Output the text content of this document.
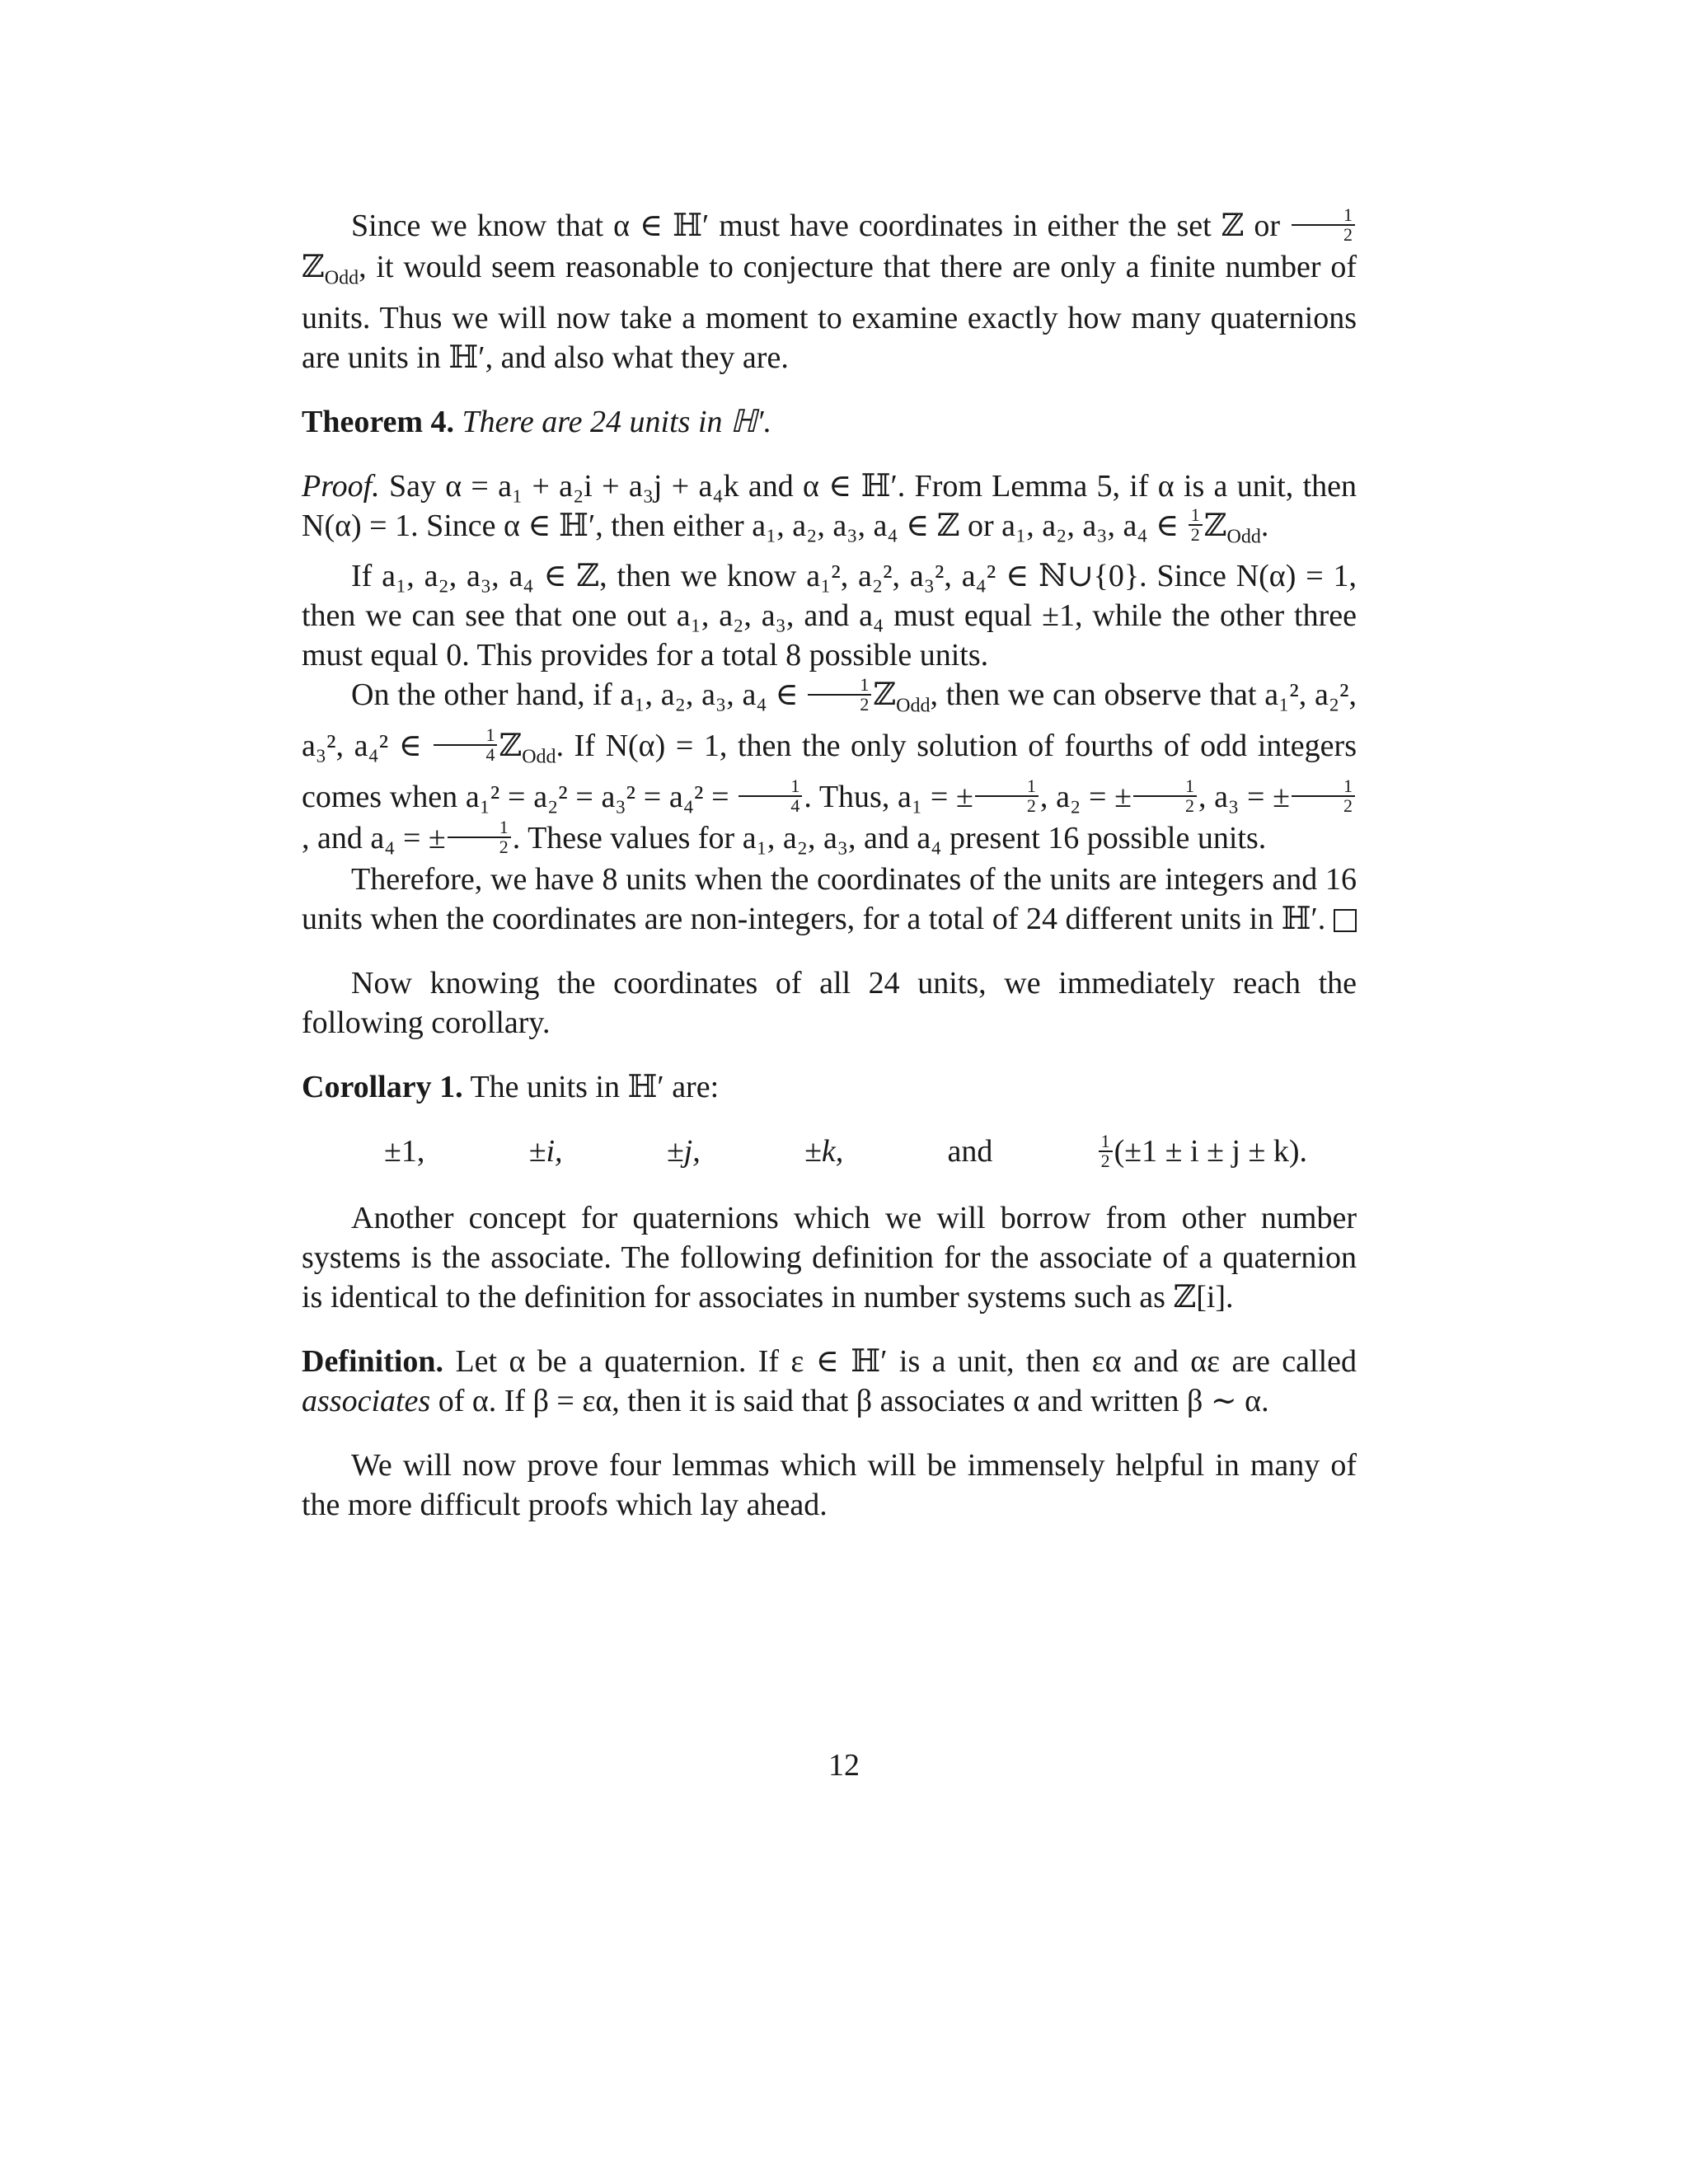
Since we know that α ∈ ℍ′ must have coordinates in either the set ℤ or $\frac{1}{2}$
ℤ$_{Odd}$, it would seem reasonable to conjecture that there are only a finite number of units. Thus we will now take a moment to examine exactly how many quaternions are units in ℍ′, and also what they are.

Theorem 4. There are 24 units in ℍ′.

Proof. Say α = a₁ + a₂i + a₃j + a₄k and α ∈ ℍ′. From Lemma 5, if α is a unit, then N(α) = 1. Since α ∈ ℍ′, then either a₁, a₂, a₃, a₄ ∈ ℤ or a₁, a₂, a₃, a₄ ∈ $\frac{1}{2}$ ℤ$_{Odd}$.

If a₁, a₂, a₃, a₄ ∈ ℤ, then we know a₁², a₂², a₃², a₄² ∈ ℕ∪{0}. Since N(α) = 1, then we can see that one out a₁, a₂, a₃, and a₄ must equal ±1, while the other three must equal 0. This provides for a total 8 possible units.

On the other hand, if a₁, a₂, a₃, a₄ ∈ $\frac{1}{2}$ ℤ$_{Odd}$, then we can observe that a₁², a₂², a₃², a₄² ∈ $\frac{1}{4}$ ℤ$_{Odd}$. If N(α) = 1, then the only solution of fourths of odd integers comes when $a_1^2 = a_2^2 = a_3^2 = a_4^2 = \frac{1}{4}$ . Thus, a₁ = ± $\frac{1}{2}$ , a₂ = ± $\frac{1}{2}$ , a₃ = ± $\frac{1}{2}$
, and a₄ = ± $\frac{1}{2}$ . These values for a₁, a₂, a₃, and a₄ present 16 possible units.

Therefore, we have 8 units when the coordinates of the units are integers and 16 units when the coordinates are non-integers, for a total of 24 different units in ℍ′.

Now knowing the coordinates of all 24 units, we immediately reach the following corollary.

Corollary 1. The units in ℍ′ are:

±1,	±i,	±j,	±k,	and	$\frac{1}{2} (\pm 1 \pm i \pm j \pm k)$.

Another concept for quaternions which we will borrow from other number systems is the associate. The following definition for the associate of a quaternion is identical to the definition for associates in number systems such as ℤ[i].

Definition. Let α be a quaternion. If ε ∈ ℍ′ is a unit, then εα and αε are called associates of α. If β = εα, then it is said that β associates α and written β ∼ α.

We will now prove four lemmas which will be immensely helpful in many of the more difficult proofs which lay ahead.

12
